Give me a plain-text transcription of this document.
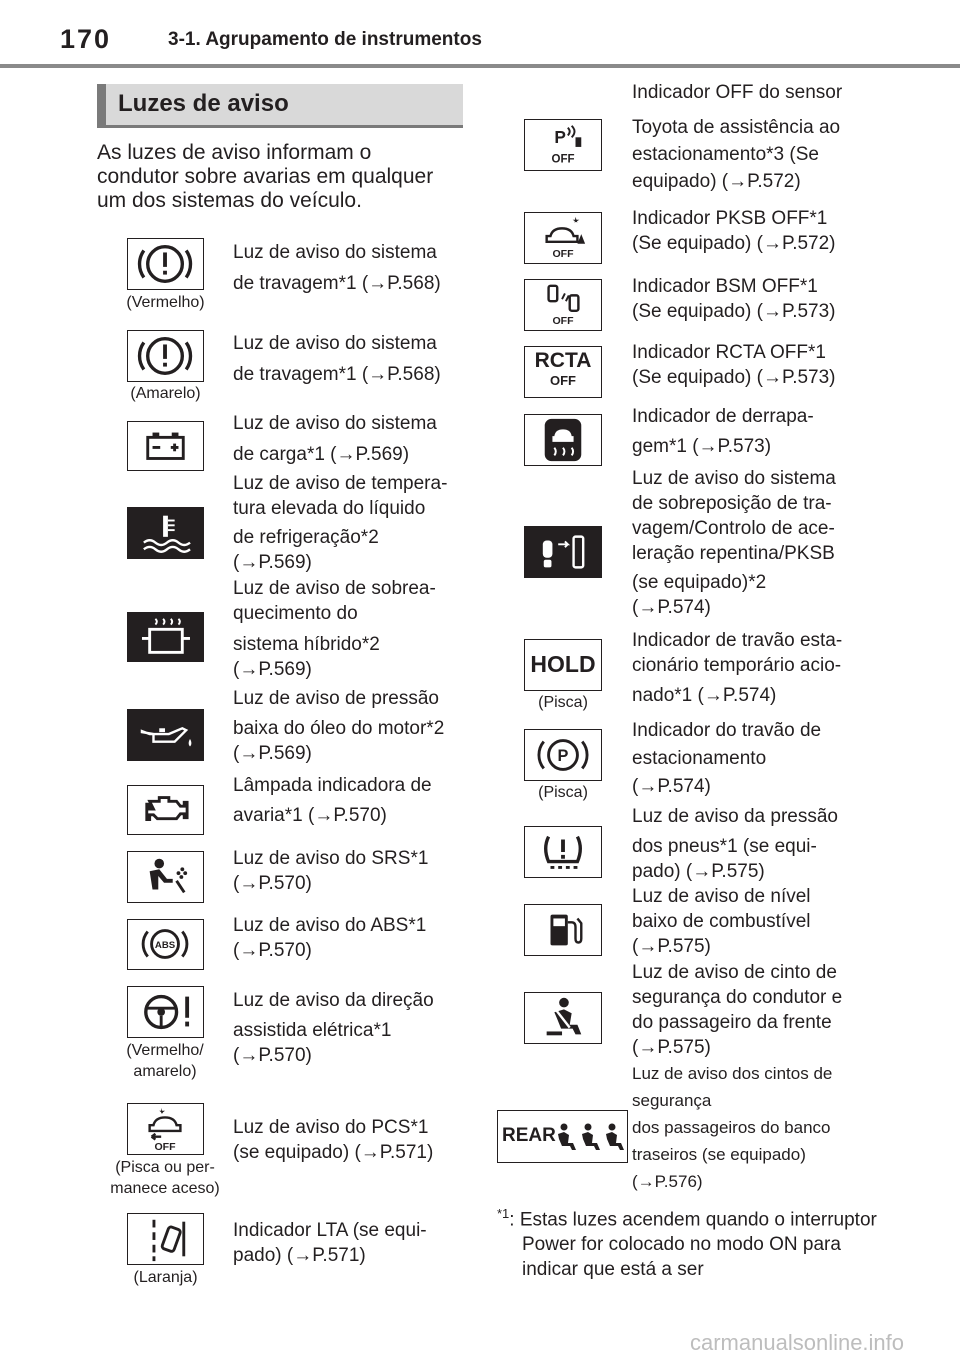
170	3-1. Agrupamento de instrumentos
Luzes de aviso
As luzes de aviso informam o condutor sobre avarias em qualquer um dos sistemas do veículo.
(Vermelho)
Luz de aviso do sistema
de travagem*1 (→P.568)
(Amarelo)
Luz de aviso do sistema
de travagem*1 (→P.568)
Luz de aviso do sistema
de carga*1 (→P.569)
Luz de aviso de tempera-
tura elevada do líquido
de refrigeração*2
(→P.569)
Luz de aviso de sobrea-
quecimento do
sistema híbrido*2
(→P.569)
Luz de aviso de pressão
baixa do óleo do motor*2
(→P.569)
Lâmpada indicadora de
avaria*1 (→P.570)
Luz de aviso do SRS*1
(→P.570)
ABS
Luz de aviso do ABS*1
(→P.570)
(Vermelho/ amarelo)
Luz de aviso da direção
assistida elétrica*1
(→P.570)
OFF
(Pisca ou per- manece aceso)
Luz de aviso do PCS*1
(se equipado) (→P.571)
(Laranja)
Indicador LTA (se equi-
pado) (→P.571)
P
OFF
Indicador OFF do sensor
Toyota de assistência ao
estacionamento*3 (Se
equipado) (→P.572)
OFF
Indicador PKSB OFF*1
(Se equipado) (→P.572)
OFF
Indicador BSM OFF*1
(Se equipado) (→P.573)
RCTA
OFF
Indicador RCTA OFF*1
(Se equipado) (→P.573)
Indicador de derrapa-
gem*1 (→P.573)
Luz de aviso do sistema
de sobreposição de tra-
vagem/Controlo de ace-
leração repentina/PKSB
(se equipado)*2
(→P.574)
HOLD
(Pisca)
Indicador de travão esta-
cionário temporário acio-
nado*1 (→P.574)
P
(Pisca)
Indicador do travão de
estacionamento
(→P.574)
Luz de aviso da pressão
dos pneus*1 (se equi-
pado) (→P.575)
Luz de aviso de nível
baixo de combustível
(→P.575)
Luz de aviso de cinto de
segurança do condutor e
do passageiro da frente
(→P.575)
REAR
Luz de aviso dos cintos de
segurança
dos passageiros do banco
traseiros (se equipado)
(→P.576)
$^{*1}$: Estas luzes acendem quando o interruptor Power for colocado no modo ON para indicar que está a ser
carmanualsonline.info
